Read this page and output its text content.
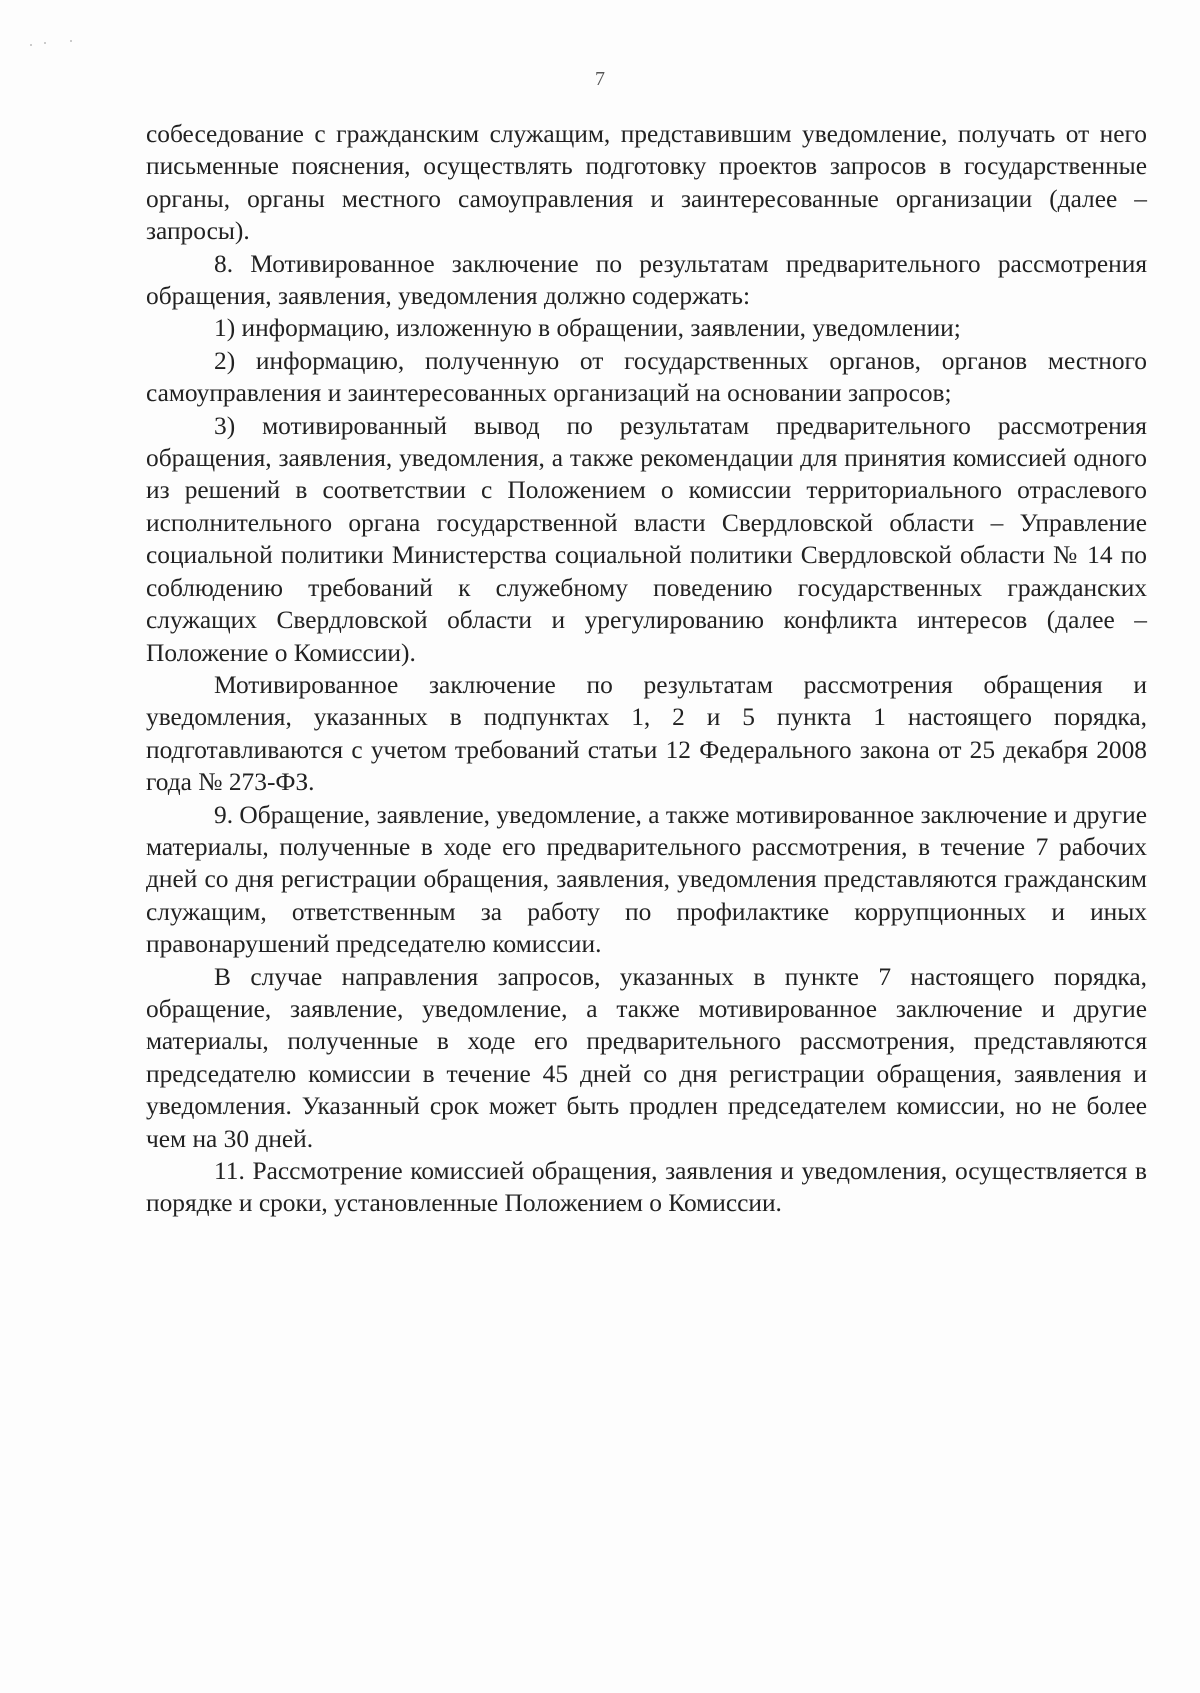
7

собеседование с гражданским служащим, представившим уведомление, получать от него письменные пояснения, осуществлять подготовку проектов запросов в государственные органы, органы местного самоуправления и заинтересованные организации (далее – запросы).

8. Мотивированное заключение по результатам предварительного рассмотрения обращения, заявления, уведомления должно содержать:

1) информацию, изложенную в обращении, заявлении, уведомлении;

2) информацию, полученную от государственных органов, органов местного самоуправления и заинтересованных организаций на основании запросов;

3) мотивированный вывод по результатам предварительного рассмотрения обращения, заявления, уведомления, а также рекомендации для принятия комиссией одного из решений в соответствии с Положением о комиссии территориального отраслевого исполнительного органа государственной власти Свердловской области – Управление социальной политики Министерства социальной политики Свердловской области № 14 по соблюдению требований к служебному поведению государственных гражданских служащих Свердловской области и урегулированию конфликта интересов (далее – Положение о Комиссии).

Мотивированное заключение по результатам рассмотрения обращения и уведомления, указанных в подпунктах 1, 2 и 5 пункта 1 настоящего порядка, подготавливаются с учетом требований статьи 12 Федерального закона от 25 декабря 2008 года № 273-ФЗ.

9. Обращение, заявление, уведомление, а также мотивированное заключение и другие материалы, полученные в ходе его предварительного рассмотрения, в течение 7 рабочих дней со дня регистрации обращения, заявления, уведомления представляются гражданским служащим, ответственным за работу по профилактике коррупционных и иных правонарушений председателю комиссии.

В случае направления запросов, указанных в пункте 7 настоящего порядка, обращение, заявление, уведомление, а также мотивированное заключение и другие материалы, полученные в ходе его предварительного рассмотрения, представляются председателю комиссии в течение 45 дней со дня регистрации обращения, заявления и уведомления. Указанный срок может быть продлен председателем комиссии, но не более чем на 30 дней.

11. Рассмотрение комиссией обращения, заявления и уведомления, осуществляется в порядке и сроки, установленные Положением о Комиссии.
